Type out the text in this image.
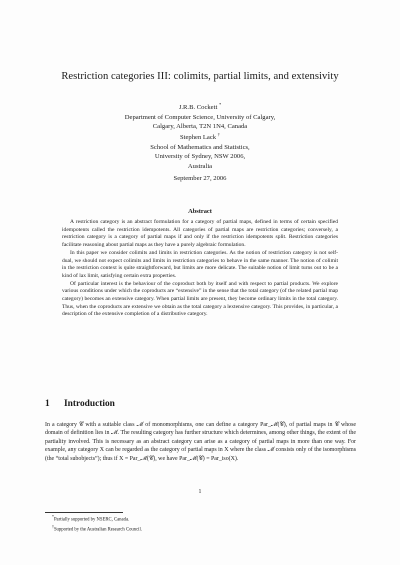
Restriction categories III: colimits, partial limits, and extensivity
J.R.B. Cockett *
Department of Computer Science, University of Calgary,
Calgary, Alberta, T2N 1N4, Canada
Stephen Lack †
School of Mathematics and Statistics,
University of Sydney, NSW 2006,
Australia
September 27, 2006
Abstract

A restriction category is an abstract formulation for a category of partial maps, defined in terms of certain specified idempotents called the restriction idempotents. All categories of partial maps are restriction categories; conversely, a restriction category is a category of partial maps if and only if the restriction idempotents split. Restriction categories facilitate reasoning about partial maps as they have a purely algebraic formulation.

In this paper we consider colimits and limits in restriction categories. As the notion of restriction category is not self-dual, we should not expect colimits and limits in restriction categories to behave in the same manner. The notion of colimit in the restriction context is quite straightforward, but limits are more delicate. The suitable notion of limit turns out to be a kind of lax limit, satisfying certain extra properties.

Of particular interest is the behaviour of the coproduct both by itself and with respect to partial products. We explore various conditions under which the coproducts are “extensive” in the sense that the total category (of the related partial map category) becomes an extensive category. When partial limits are present, they become ordinary limits in the total category. Thus, when the coproducts are extensive we obtain as the total category a lextensive category. This provides, in particular, a description of the extensive completion of a distributive category.

1 Introduction

In a category 𝒞 with a suitable class ℳ of monomorphisms, one can define a category Par_ℳ(𝒞), of partial maps in 𝒞 whose domain of definition lies in ℳ. The resulting category has further structure which determines, among other things, the extent of the partiality involved. This is necessary as an abstract category can arise as a category of partial maps in more than one way. For example, any category X can be regarded as the category of partial maps in X where the class ℳ consists only of the isomorphisms (the “total subobjects”); thus if X = Par_ℳ(𝒞), we have Par_ℳ(𝒞) = Par_iso(X).

1
*Partially supported by NSERC, Canada.
†Supported by the Australian Research Council.
